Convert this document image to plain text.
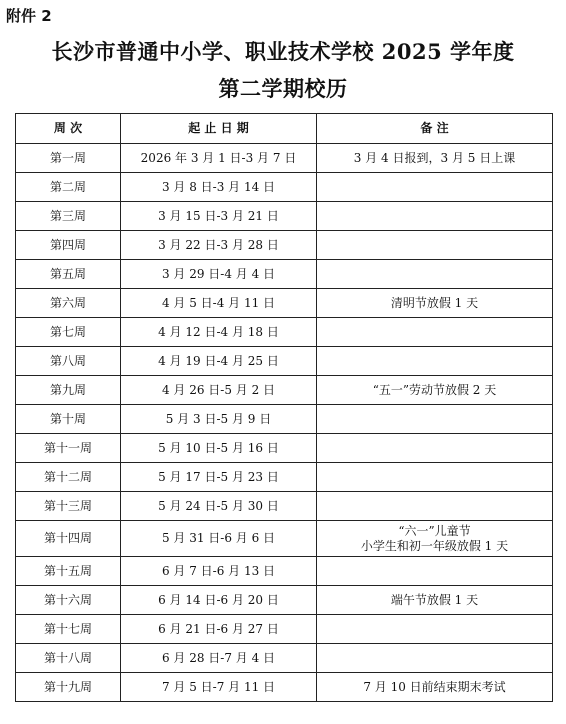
附件 2
长沙市普通中小学、职业技术学校 2025 学年度
第二学期校历
周 次	起 止 日 期	备 注
第一周	2026 年 3 月 1 日-3 月 7 日	3 月 4 日报到，3 月 5 日上课
第二周	3 月 8 日-3 月 14 日	
第三周	3 月 15 日-3 月 21 日	
第四周	3 月 22 日-3 月 28 日	
第五周	3 月 29 日-4 月 4 日	
第六周	4 月 5 日-4 月 11 日	清明节放假 1 天
第七周	4 月 12 日-4 月 18 日	
第八周	4 月 19 日-4 月 25 日	
第九周	4 月 26 日-5 月 2 日	“五一”劳动节放假 2 天
第十周	5 月 3 日-5 月 9 日	
第十一周	5 月 10 日-5 月 16 日	
第十二周	5 月 17 日-5 月 23 日	
第十三周	5 月 24 日-5 月 30 日	
第十四周	5 月 31 日-6 月 6 日	“六一”儿童节
小学生和初一年级放假 1 天

第十五周	6 月 7 日-6 月 13 日	
第十六周	6 月 14 日-6 月 20 日	端午节放假 1 天
第十七周	6 月 21 日-6 月 27 日	
第十八周	6 月 28 日-7 月 4 日	
第十九周	7 月 5 日-7 月 11 日	7 月 10 日前结束期末考试
